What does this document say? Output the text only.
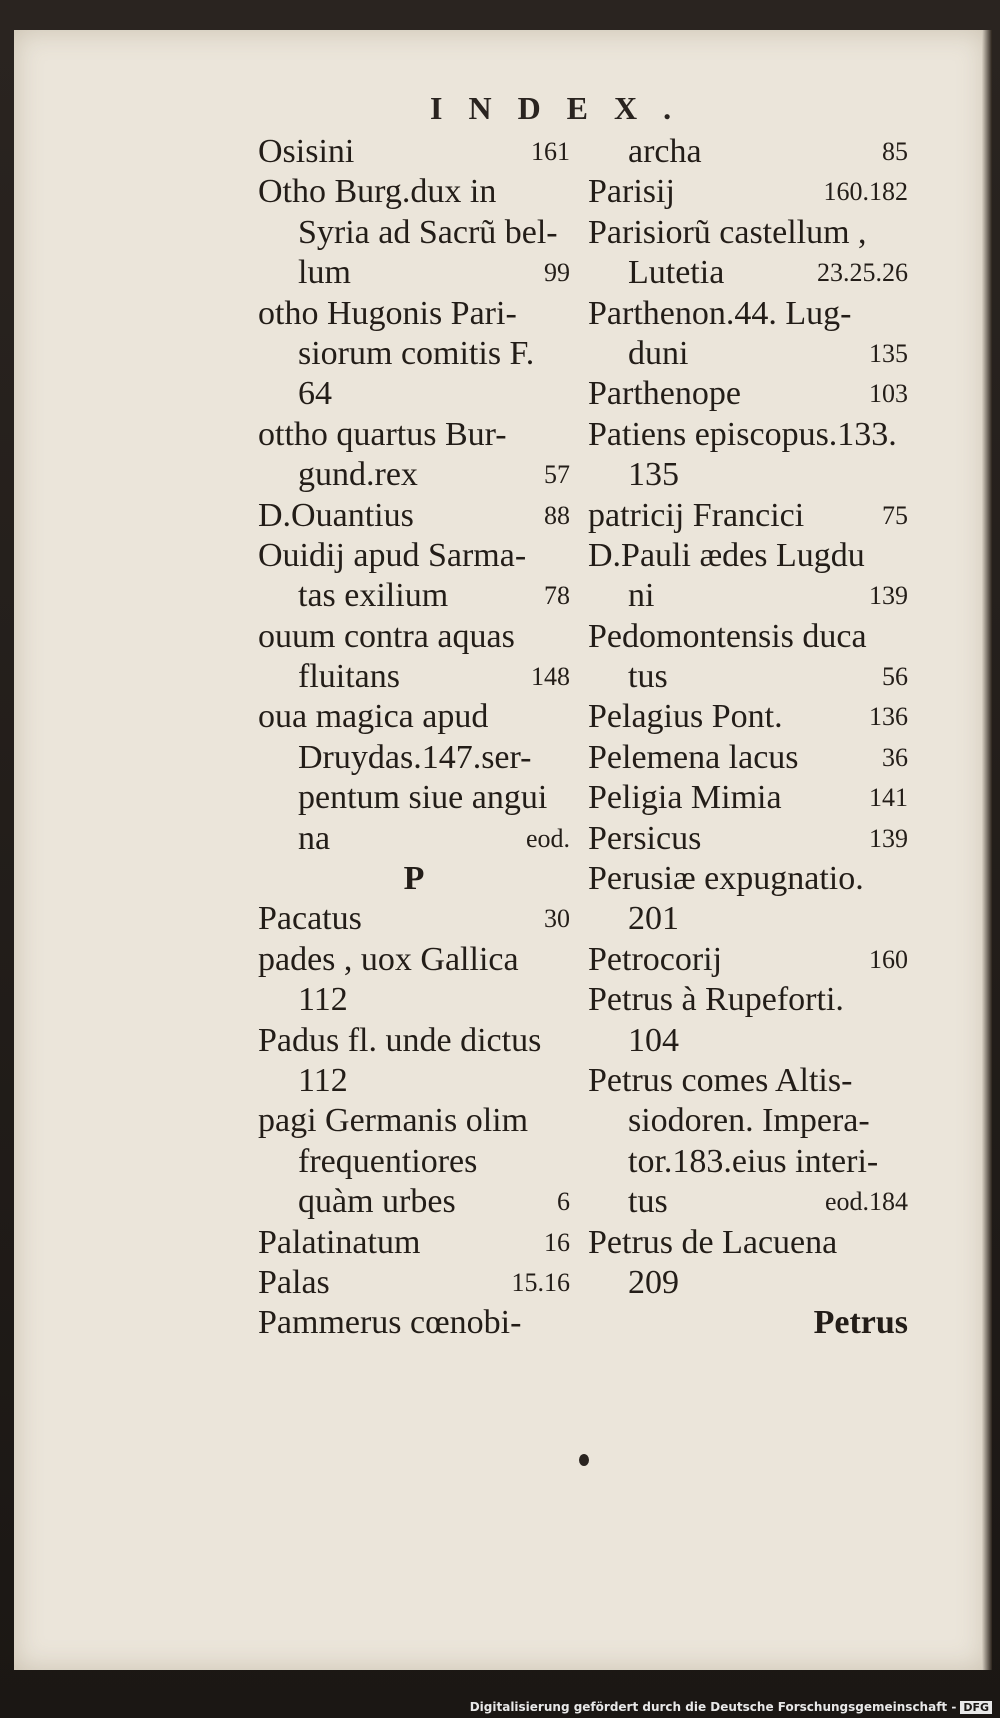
INDEX.
Osisini	161
Otho Burg.dux in
Syria ad Sacrũ bel-
lum	99
otho Hugonis Pari-
siorum comitis F.
64
ottho quartus Bur-
gund.rex	57
D.Ouantius	88
Ouidij apud Sarma-
tas exilium	78
ouum contra aquas
fluitans	148
oua magica apud
Druydas.147.ser-
pentum siue angui
na	eod.
P
Pacatus	30
pades , uox Gallica
112
Padus fl. unde dictus
112
pagi Germanis olim
frequentiores
quàm urbes	6
Palatinatum	16
Palas	15.16
Pammerus cœnobi-
archa	85
Parisij	160.182
Parisiorũ castellum ,
Lutetia	23.25.26
Parthenon.44. Lug-
duni	135
Parthenope	103
Patiens episcopus.133.
135
patricij Francici	75
D.Pauli ædes Lugdu
ni	139
Pedomontensis duca
tus	56
Pelagius Pont.	136
Pelemena lacus	36
Peligia Mimia	141
Persicus	139
Perusiæ expugnatio.
201
Petrocorij	160
Petrus à Rupeforti.
104
Petrus comes Altis-
siodoren. Impera-
tor.183.eius interi-
tus	eod.184
Petrus de Lacuena
209
Petrus
Digitalisierung gefördert durch die Deutsche Forschungsgemeinschaft - DFG
